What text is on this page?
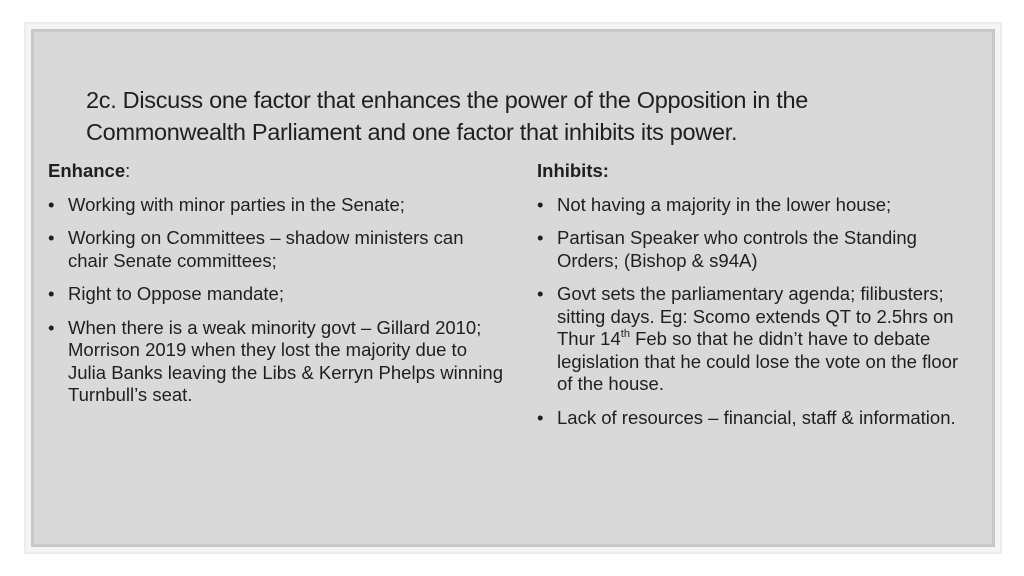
2c. Discuss one factor that enhances the power of the Opposition in the Commonwealth Parliament and one factor that inhibits its power.
Enhance:
• Working with minor parties in the Senate;
• Working on Committees – shadow ministers can chair Senate committees;
• Right to Oppose mandate;
• When there is a weak minority govt – Gillard 2010; Morrison 2019 when they lost the majority due to Julia Banks leaving the Libs & Kerryn Phelps winning Turnbull’s seat.
Inhibits:
• Not having a majority in the lower house;
• Partisan Speaker who controls the Standing Orders; (Bishop & s94A)
• Govt sets the parliamentary agenda; filibusters; sitting days. Eg: Scomo extends QT to 2.5hrs on Thur 14th Feb so that he didn’t have to debate legislation that he could lose the vote on the floor of the house.
• Lack of resources – financial, staff & information.
